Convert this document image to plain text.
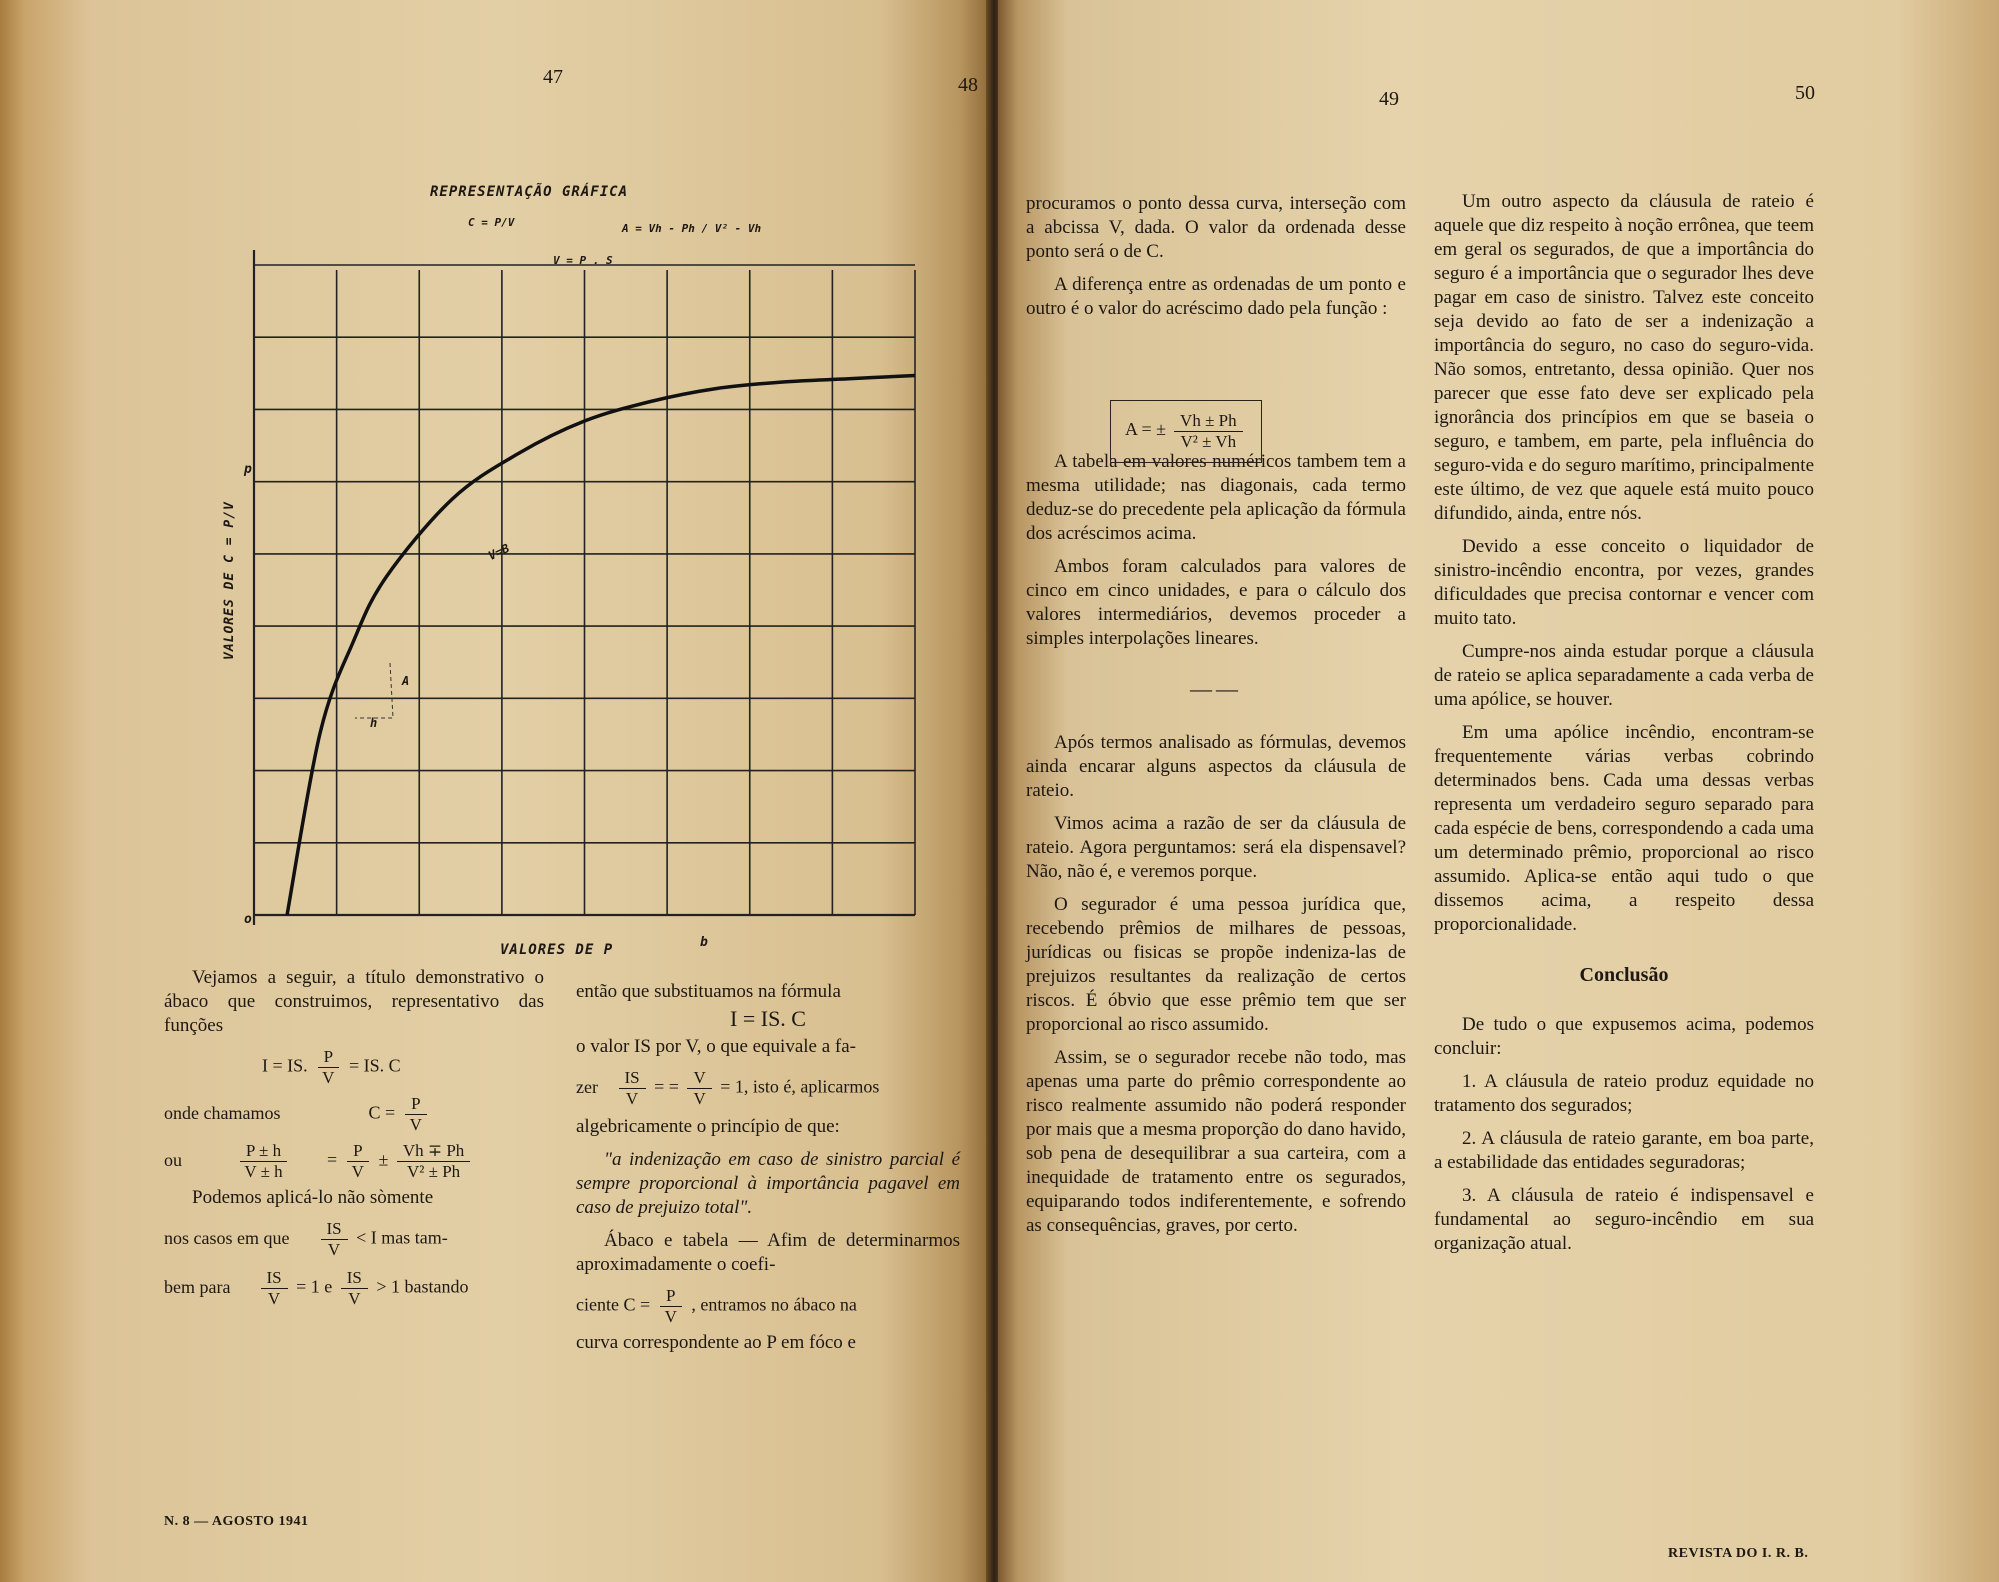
47	48
REPRESENTAÇÃO GRÁFICA
C = P/V	A = Vh - Ph / V² - Vh
V = P . S
VALORES DE C = P/V
VALORES DE P
V=B
p
o
b
A
h

Vejamos a seguir, a título demonstrativo o ábaco que construimos, representativo das funções

I = IS. $\frac{P}{V}$ = IS. C
onde chamamos	$C = \frac{P}{V}$
ou $\frac{P \pm h}{V \pm h} = \frac{P}{V} \pm \frac{Vh \mp Ph}{\text{V² ± Ph}}$

Podemos aplicá-lo não sòmente

nos casos em que $\frac{IS}{V} < I$ mas tam-
bem para $\frac{IS}{V} = 1$ e $\frac{IS}{V} > 1$ bastando

então que substituamos na fórmula

I = IS. C

o valor IS por V, o que equivale a fa-

zer $\frac{IS}{V}$ = = $\frac{V}{V} = 1$, isto é, aplicarmos

algebricamente o princípio de que:

"a indenização em caso de sinistro parcial é sempre proporcional à importância pagavel em caso de prejuizo total".

Ábaco e tabela — Afim de determinarmos aproximadamente o coefi-

ciente $C = \frac{P}{V}$ , entramos no ábaco na

curva correspondente ao P em fóco e

N. 8 — AGOSTO 1941
49	50

procuramos o ponto dessa curva, interseção com a abcissa V, dada. O valor da ordenada desse ponto será o de C.

A diferença entre as ordenadas de um ponto e outro é o valor do acréscimo dado pela função :

A tabela em valores numéricos tambem tem a mesma utilidade; nas diagonais, cada termo deduz-se do precedente pela aplicação da fórmula dos acréscimos acima.

Ambos foram calculados para valores de cinco em cinco unidades, e para o cálculo dos valores intermediários, devemos proceder a simples interpolações lineares.

——

Após termos analisado as fórmulas, devemos ainda encarar alguns aspectos da cláusula de rateio.

Vimos acima a razão de ser da cláusula de rateio. Agora perguntamos: será ela dispensavel? Não, não é, e veremos porque.

O segurador é uma pessoa jurídica que, recebendo prêmios de milhares de pessoas, jurídicas ou fisicas se propõe indeniza-las de prejuizos resultantes da realização de certos riscos. É óbvio que esse prêmio tem que ser proporcional ao risco assumido.

Assim, se o segurador recebe não todo, mas apenas uma parte do prêmio correspondente ao risco realmente assumido não poderá responder por mais que a mesma proporção do dano havido, sob pena de desequilibrar a sua carteira, com a inequidade de tratamento entre os segurados, equiparando todos indiferentemente, e sofrendo as consequências, graves, por certo.

A = ± $\frac{Vh \pm Ph}{\text{V² ± Vh}}$

Um outro aspecto da cláusula de rateio é aquele que diz respeito à noção errônea, que teem em geral os segurados, de que a importância do seguro é a importância que o segurador lhes deve pagar em caso de sinistro. Talvez este conceito seja devido ao fato de ser a indenização a importância do seguro, no caso do seguro-vida. Não somos, entretanto, dessa opinião. Quer nos parecer que esse fato deve ser explicado pela ignorância dos princípios em que se baseia o seguro, e tambem, em parte, pela influência do seguro-vida e do seguro marítimo, principalmente este último, de vez que aquele está muito pouco difundido, ainda, entre nós.

Devido a esse conceito o liquidador de sinistro-incêndio encontra, por vezes, grandes dificuldades que precisa contornar e vencer com muito tato.

Cumpre-nos ainda estudar porque a cláusula de rateio se aplica separadamente a cada verba de uma apólice, se houver.

Em uma apólice incêndio, encontram-se frequentemente várias verbas cobrindo determinados bens. Cada uma dessas verbas representa um verdadeiro seguro separado para cada espécie de bens, correspondendo a cada uma um determinado prêmio, proporcional ao risco assumido. Aplica-se então aqui tudo o que dissemos acima, a respeito dessa proporcionalidade.

Conclusão

De tudo o que expusemos acima, podemos concluir:

1. A cláusula de rateio produz equidade no tratamento dos segurados;

2. A cláusula de rateio garante, em boa parte, a estabilidade das entidades seguradoras;

3. A cláusula de rateio é indispensavel e fundamental ao seguro-incêndio em sua organização atual.

REVISTA DO I. R. B.
